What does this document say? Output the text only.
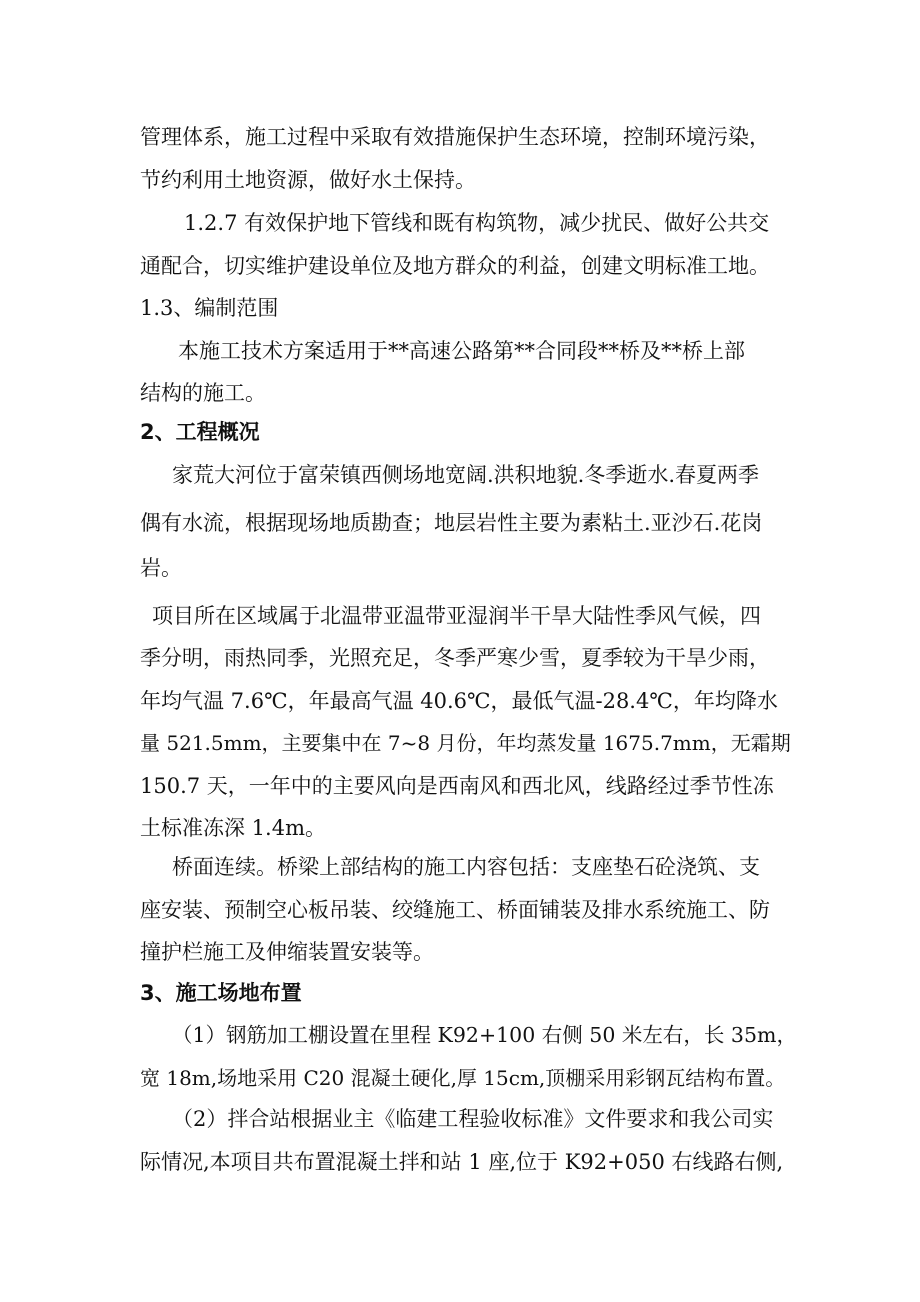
管理体系，施工过程中采取有效措施保护生态环境，控制环境污染，
节约利用土地资源，做好水土保持。
1.2.7 有效保护地下管线和既有构筑物，减少扰民、做好公共交
通配合，切实维护建设单位及地方群众的利益，创建文明标准工地。
1.3、编制范围
本施工技术方案适用于**高速公路第**合同段**桥及**桥上部
结构的施工。
2、工程概况
家荒大河位于富荣镇西侧场地宽阔.洪积地貌.冬季逝水.春夏两季
偶有水流，根据现场地质勘查；地层岩性主要为素粘土.亚沙石.花岗
岩。
项目所在区域属于北温带亚温带亚湿润半干旱大陆性季风气候，四
季分明，雨热同季，光照充足，冬季严寒少雪，夏季较为干旱少雨，
年均气温 7.6℃，年最高气温 40.6℃，最低气温-28.4℃，年均降水
量 521.5mm，主要集中在 7~8 月份，年均蒸发量 1675.7mm，无霜期
150.7 天，一年中的主要风向是西南风和西北风，线路经过季节性冻
土标准冻深 1.4m。
桥面连续。桥梁上部结构的施工内容包括：支座垫石砼浇筑、支
座安装、预制空心板吊装、绞缝施工、桥面铺装及排水系统施工、防
撞护栏施工及伸缩装置安装等。
3、施工场地布置
（1）钢筋加工棚设置在里程 K92+100 右侧 50 米左右，长 35m，
宽 18m,场地采用 C20 混凝土硬化,厚 15cm,顶棚采用彩钢瓦结构布置。
（2）拌合站根据业主《临建工程验收标准》文件要求和我公司实
际情况,本项目共布置混凝土拌和站 1 座,位于 K92+050 右线路右侧,
